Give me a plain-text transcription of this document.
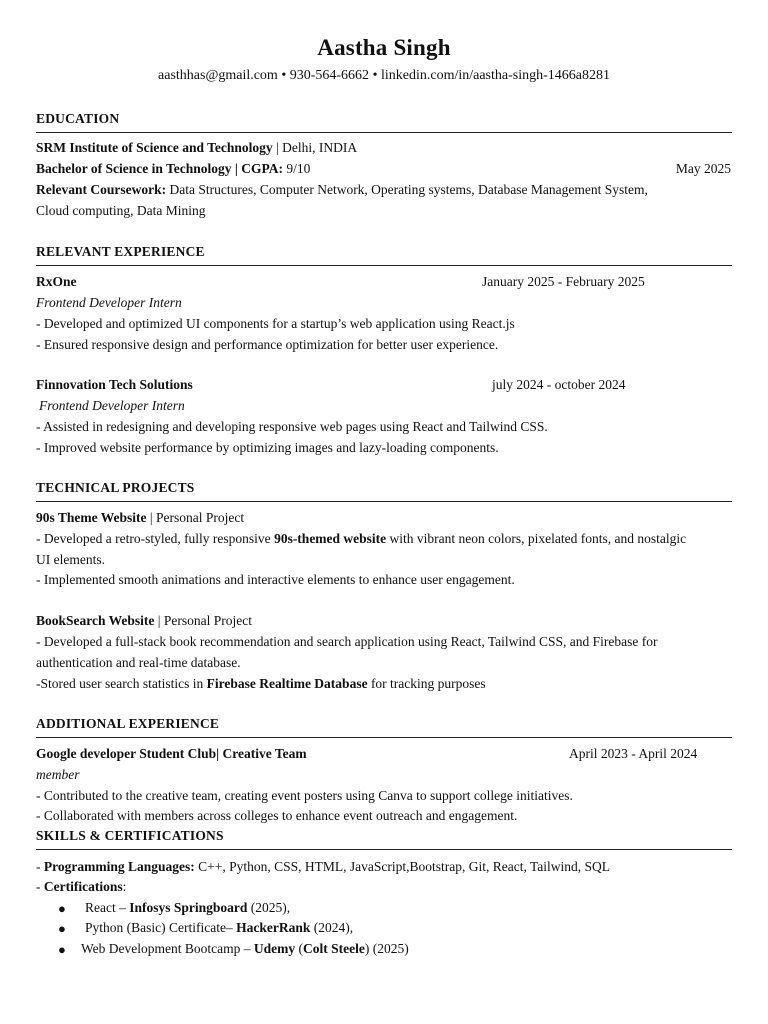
Aastha Singh
aasthhas@gmail.com • 930-564-6662 • linkedin.com/in/aastha-singh-1466a8281
EDUCATION
SRM Institute of Science and Technology | Delhi, INDIA
Bachelor of Science in Technology | CGPA: 9/10	May 2025
Relevant Coursework: Data Structures, Computer Network, Operating systems, Database Management System,
Cloud computing, Data Mining
RELEVANT EXPERIENCE
RxOne	January 2025 - February 2025
Frontend Developer Intern
- Developed and optimized UI components for a startup’s web application using React.js
- Ensured responsive design and performance optimization for better user experience.
Finnovation Tech Solutions	july 2024 - october 2024
Frontend Developer Intern
- Assisted in redesigning and developing responsive web pages using React and Tailwind CSS.
- Improved website performance by optimizing images and lazy-loading components.
TECHNICAL PROJECTS
90s Theme Website | Personal Project
- Developed a retro-styled, fully responsive 90s-themed website with vibrant neon colors, pixelated fonts, and nostalgic
UI elements.
- Implemented smooth animations and interactive elements to enhance user engagement.
BookSearch Website | Personal Project
- Developed a full-stack book recommendation and search application using React, Tailwind CSS, and Firebase for
authentication and real-time database.
-Stored user search statistics in Firebase Realtime Database for tracking purposes
ADDITIONAL EXPERIENCE
Google developer Student Club| Creative Team	April 2023 - April 2024
member
- Contributed to the creative team, creating event posters using Canva to support college initiatives.
- Collaborated with members across colleges to enhance event outreach and engagement.
SKILLS & CERTIFICATIONS
- Programming Languages: C++, Python, CSS, HTML, JavaScript,Bootstrap, Git, React, Tailwind, SQL
- Certifications:
● React – Infosys Springboard (2025),
● Python (Basic) Certificate– HackerRank (2024),
● Web Development Bootcamp – Udemy (Colt Steele) (2025)
